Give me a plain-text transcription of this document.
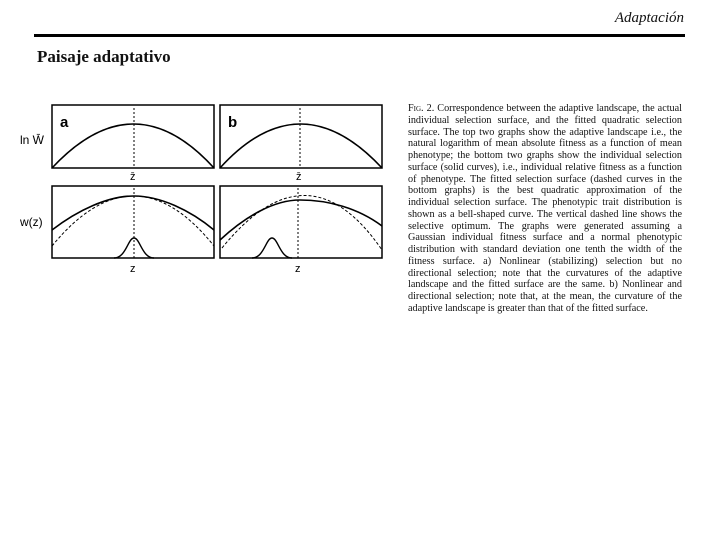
Adaptación
Paisaje adaptativo
ln W̄
w(z)
a
z̄
b
z̄
z	z
Fig. 2. Correspondence between the adaptive landscape, the actual individual selection surface, and the fitted quadratic selection surface. The top two graphs show the adaptive landscape i.e., the natural logarithm of mean absolute fitness as a function of mean phenotype; the bottom two graphs show the individual selection surface (solid curves), i.e., individual relative fitness as a function of phenotype. The fitted selection surface (dashed curves in the bottom graphs) is the best quadratic approximation of the individual selection surface. The phenotypic trait distribution is shown as a bell-shaped curve. The vertical dashed line shows the selective optimum. The graphs were generated assuming a Gaussian individual fitness surface and a normal phenotypic distribution with standard deviation one tenth the width of the fitness surface. a) Nonlinear (stabilizing) selection but no directional selection; note that the curvatures of the adaptive landscape and the fitted surface are the same. b) Nonlinear and directional selection; note that, at the mean, the curvature of the adaptive landscape is greater than that of the fitted surface.
